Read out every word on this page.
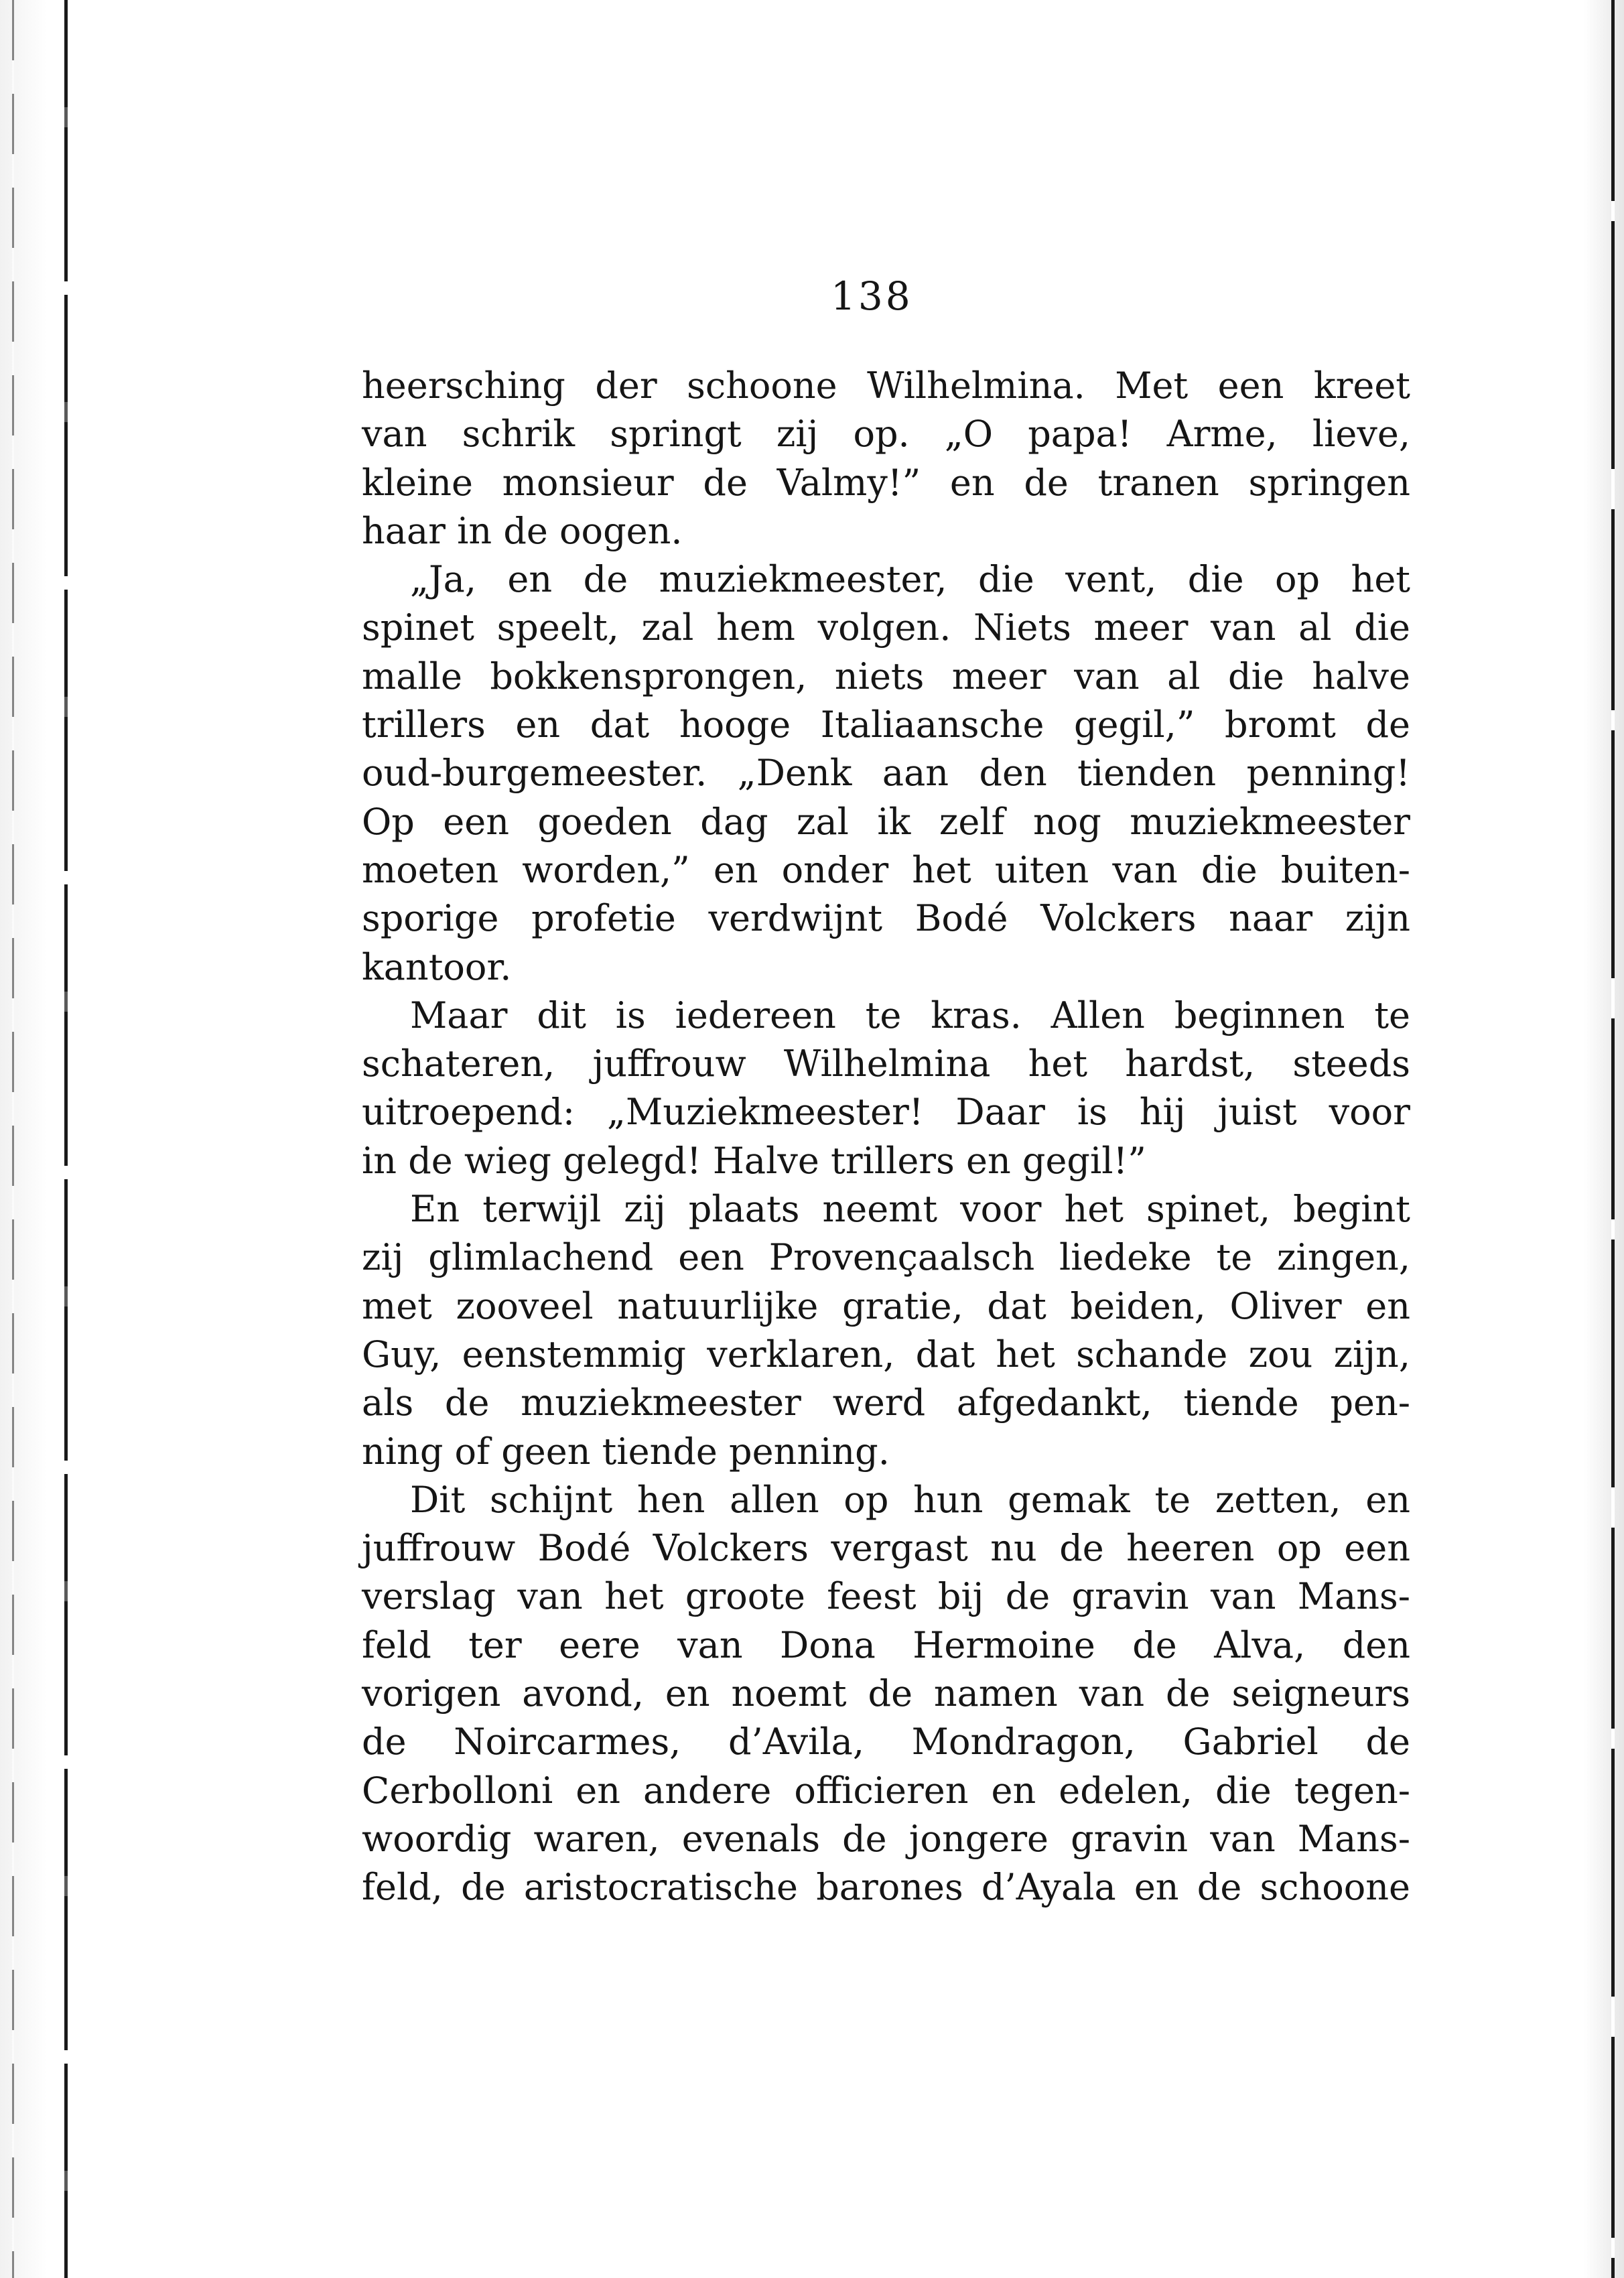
138
heersching der schoone Wilhelmina. Met een kreet
van schrik springt zij op. „O papa! Arme, lieve,
kleine monsieur de Valmy!” en de tranen springen
haar in de oogen.
„Ja, en de muziekmeester, die vent, die op het
spinet speelt, zal hem volgen. Niets meer van al die
malle bokkensprongen, niets meer van al die halve
trillers en dat hooge Italiaansche gegil,” bromt de
oud-burgemeester. „Denk aan den tienden penning!
Op een goeden dag zal ik zelf nog muziekmeester
moeten worden,” en onder het uiten van die buiten-
sporige profetie verdwijnt Bodé Volckers naar zijn
kantoor.
Maar dit is iedereen te kras. Allen beginnen te
schateren, juffrouw Wilhelmina het hardst, steeds
uitroepend: „Muziekmeester! Daar is hij juist voor
in de wieg gelegd! Halve trillers en gegil!”
En terwijl zij plaats neemt voor het spinet, begint
zij glimlachend een Provençaalsch liedeke te zingen,
met zooveel natuurlijke gratie, dat beiden, Oliver en
Guy, eenstemmig verklaren, dat het schande zou zijn,
als de muziekmeester werd afgedankt, tiende pen-
ning of geen tiende penning.
Dit schijnt hen allen op hun gemak te zetten, en
juffrouw Bodé Volckers vergast nu de heeren op een
verslag van het groote feest bij de gravin van Mans-
feld ter eere van Dona Hermoine de Alva, den
vorigen avond, en noemt de namen van de seigneurs
de Noircarmes, d’Avila, Mondragon, Gabriel de
Cerbolloni en andere officieren en edelen, die tegen-
woordig waren, evenals de jongere gravin van Mans-
feld, de aristocratische barones d’Ayala en de schoone
